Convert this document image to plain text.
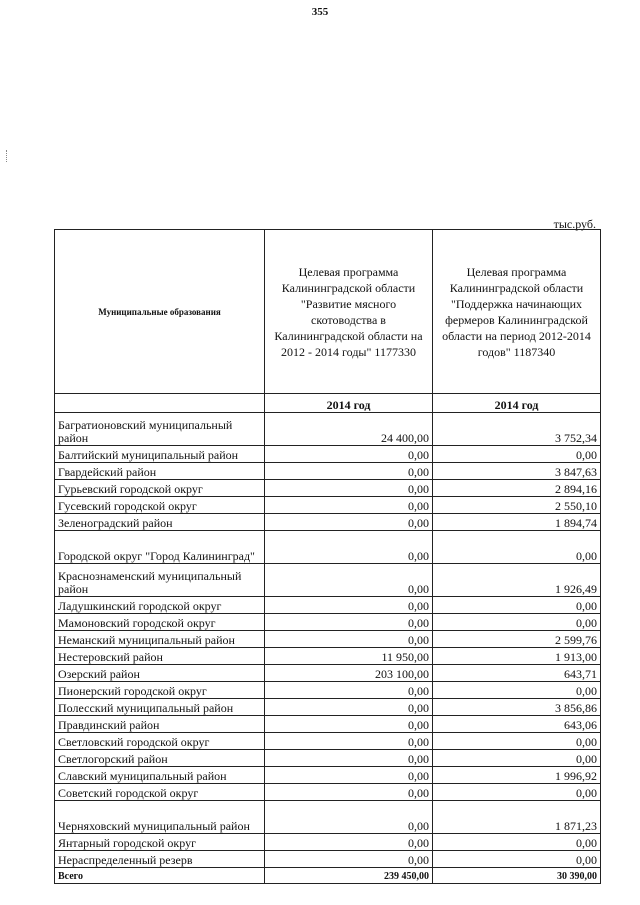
355
тыс.руб.
Муниципальные образования	Целевая программа Калининградской области "Развитие мясного скотоводства в Калининградской области на 2012 - 2014 годы" 1177330	Целевая программа Калининградской области "Поддержка начинающих фермеров Калининградской области на период 2012-2014 годов" 1187340
	2014 год	2014 год
Багратионовский муниципальный район	24 400,00	3 752,34
Балтийский муниципальный район	0,00	0,00
Гвардейский район	0,00	3 847,63
Гурьевский городской округ	0,00	2 894,16
Гусевский городской округ	0,00	2 550,10
Зеленоградский район	0,00	1 894,74
Городской округ "Город Калининград"	0,00	0,00
Краснознаменский муниципальный район	0,00	1 926,49
Ладушкинский городской округ	0,00	0,00
Мамоновский городской округ	0,00	0,00
Неманский муниципальный район	0,00	2 599,76
Нестеровский район	11 950,00	1 913,00
Озерский район	203 100,00	643,71
Пионерский городской округ	0,00	0,00
Полесский муниципальный район	0,00	3 856,86
Правдинский район	0,00	643,06
Светловский городской округ	0,00	0,00
Светлогорский район	0,00	0,00
Славский муниципальный район	0,00	1 996,92
Советский городской округ	0,00	0,00
Черняховский муниципальный район	0,00	1 871,23
Янтарный городской округ	0,00	0,00
Нераспределенный резерв	0,00	0,00
Всего	239 450,00	30 390,00
